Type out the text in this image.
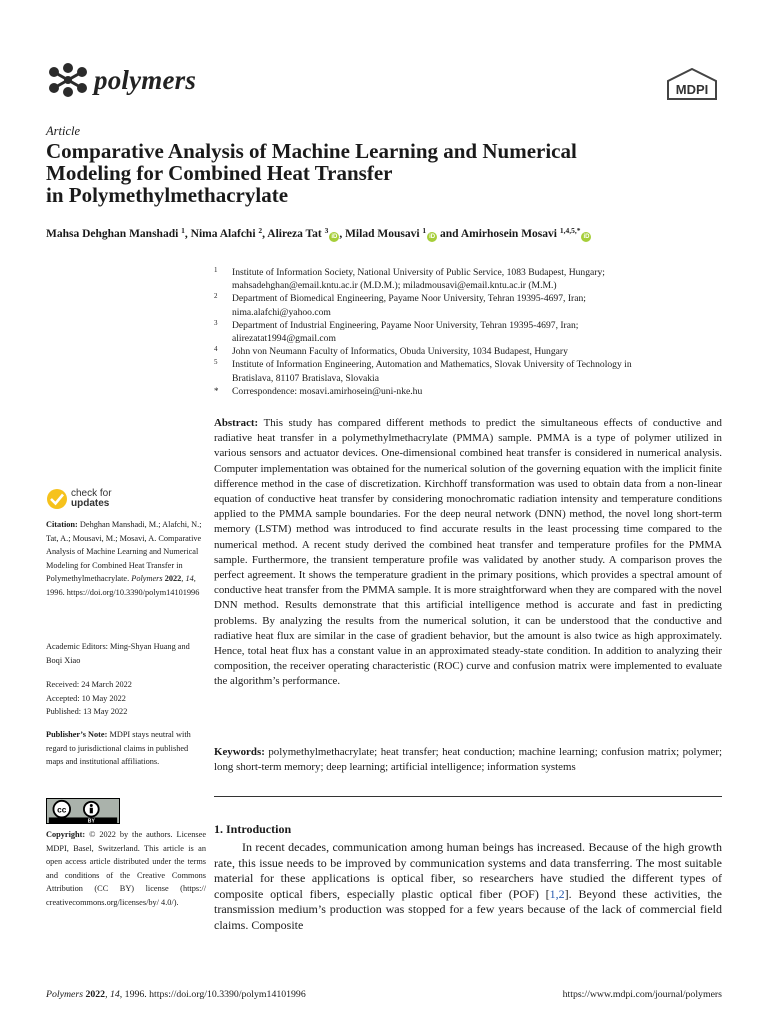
polymers	MDPI
Article
Comparative Analysis of Machine Learning and Numerical
Modeling for Combined Heat Transfer
in Polymethylmethacrylate
Mahsa Dehghan Manshadi $^1$, Nima Alafchi $^2$, Alireza Tat $^3$iD , Milad Mousavi $^1$iD and Amirhosein Mosavi $^{1,4,5,*}$iD
1 Institute of Information Society, National University of Public Service, 1083 Budapest, Hungary;
mahsadehghan@email.kntu.ac.ir (M.D.M.); miladmousavi@email.kntu.ac.ir (M.M.)
2 Department of Biomedical Engineering, Payame Noor University, Tehran 19395-4697, Iran;
nima.alafchi@yahoo.com
3 Department of Industrial Engineering, Payame Noor University, Tehran 19395-4697, Iran;
alirezatat1994@gmail.com
4 John von Neumann Faculty of Informatics, Obuda University, 1034 Budapest, Hungary
5 Institute of Information Engineering, Automation and Mathematics, Slovak University of Technology in
Bratislava, 81107 Bratislava, Slovakia
* Correspondence: mosavi.amirhosein@uni-nke.hu
Abstract: This study has compared different methods to predict the simultaneous effects of conductive and radiative heat transfer in a polymethylmethacrylate (PMMA) sample. PMMA is a type of polymer utilized in various sensors and actuator devices. One-dimensional combined heat transfer is considered in numerical analysis. Computer implementation was obtained for the numerical solution of the governing equation with the implicit finite difference method in the case of discretization. Kirchhoff transformation was used to obtain data from a non-linear equation of conductive heat transfer by considering monochromatic radiation intensity and temperature conditions applied to the PMMA sample boundaries. For the deep neural network (DNN) method, the novel long short-term memory (LSTM) method was introduced to find accurate results in the least processing time compared to the numerical method. A recent study derived the combined heat transfer and temperature profiles for the PMMA sample. Furthermore, the transient temperature profile was validated by another study. A comparison proves the perfect agreement. It shows the temperature gradient in the primary positions, which provides a spectral amount of conductive heat transfer from the PMMA sample. It is more straightforward when they are compared with the novel DNN method. Results demonstrate that this artificial intelligence method is accurate and fast in predicting problems. By analyzing the results from the numerical solution, it can be understood that the conductive and radiative heat flux are similar in the case of gradient behavior, but the amount is also twice as high approximately. Hence, total heat flux has a constant value in an approximated steady-state condition. In addition to analyzing their composition, the receiver operating characteristic (ROC) curve and confusion matrix were implemented to evaluate the algorithm’s performance.
Keywords: polymethylmethacrylate; heat transfer; heat conduction; machine learning; confusion matrix; polymer; long short-term memory; deep learning; artificial intelligence; information systems
check for
updates
Citation: Dehghan Manshadi, M.; Alafchi, N.; Tat, A.; Mousavi, M.; Mosavi, A. Comparative Analysis of Machine Learning and Numerical Modeling for Combined Heat Transfer in Polymethylmethacrylate. Polymers 2022, 14, 1996. https://doi.org/10.3390/polym14101996
Academic Editors: Ming-Shyan Huang and Boqi Xiao
Received: 24 March 2022
Accepted: 10 May 2022
Published: 13 May 2022
Publisher’s Note: MDPI stays neutral with regard to jurisdictional claims in published maps and institutional affiliations.
cc
BY
Copyright: © 2022 by the authors. Licensee MDPI, Basel, Switzerland. This article is an open access article distributed under the terms and conditions of the Creative Commons Attribution (CC BY) license (https:// creativecommons.org/licenses/by/ 4.0/).
1. Introduction

In recent decades, communication among human beings has increased. Because of the high growth rate, this issue needs to be improved by communication systems and data transferring. The most suitable material for these applications is optical fiber, so researchers have studied the different types of composite optical fibers, especially plastic optical fiber (POF) [1,2]. Beyond these activities, the transmission medium’s production was stopped for a few years because of the lack of commercial field claims. Composite

Polymers 2022, 14, 1996. https://doi.org/10.3390/polym14101996	https://www.mdpi.com/journal/polymers
